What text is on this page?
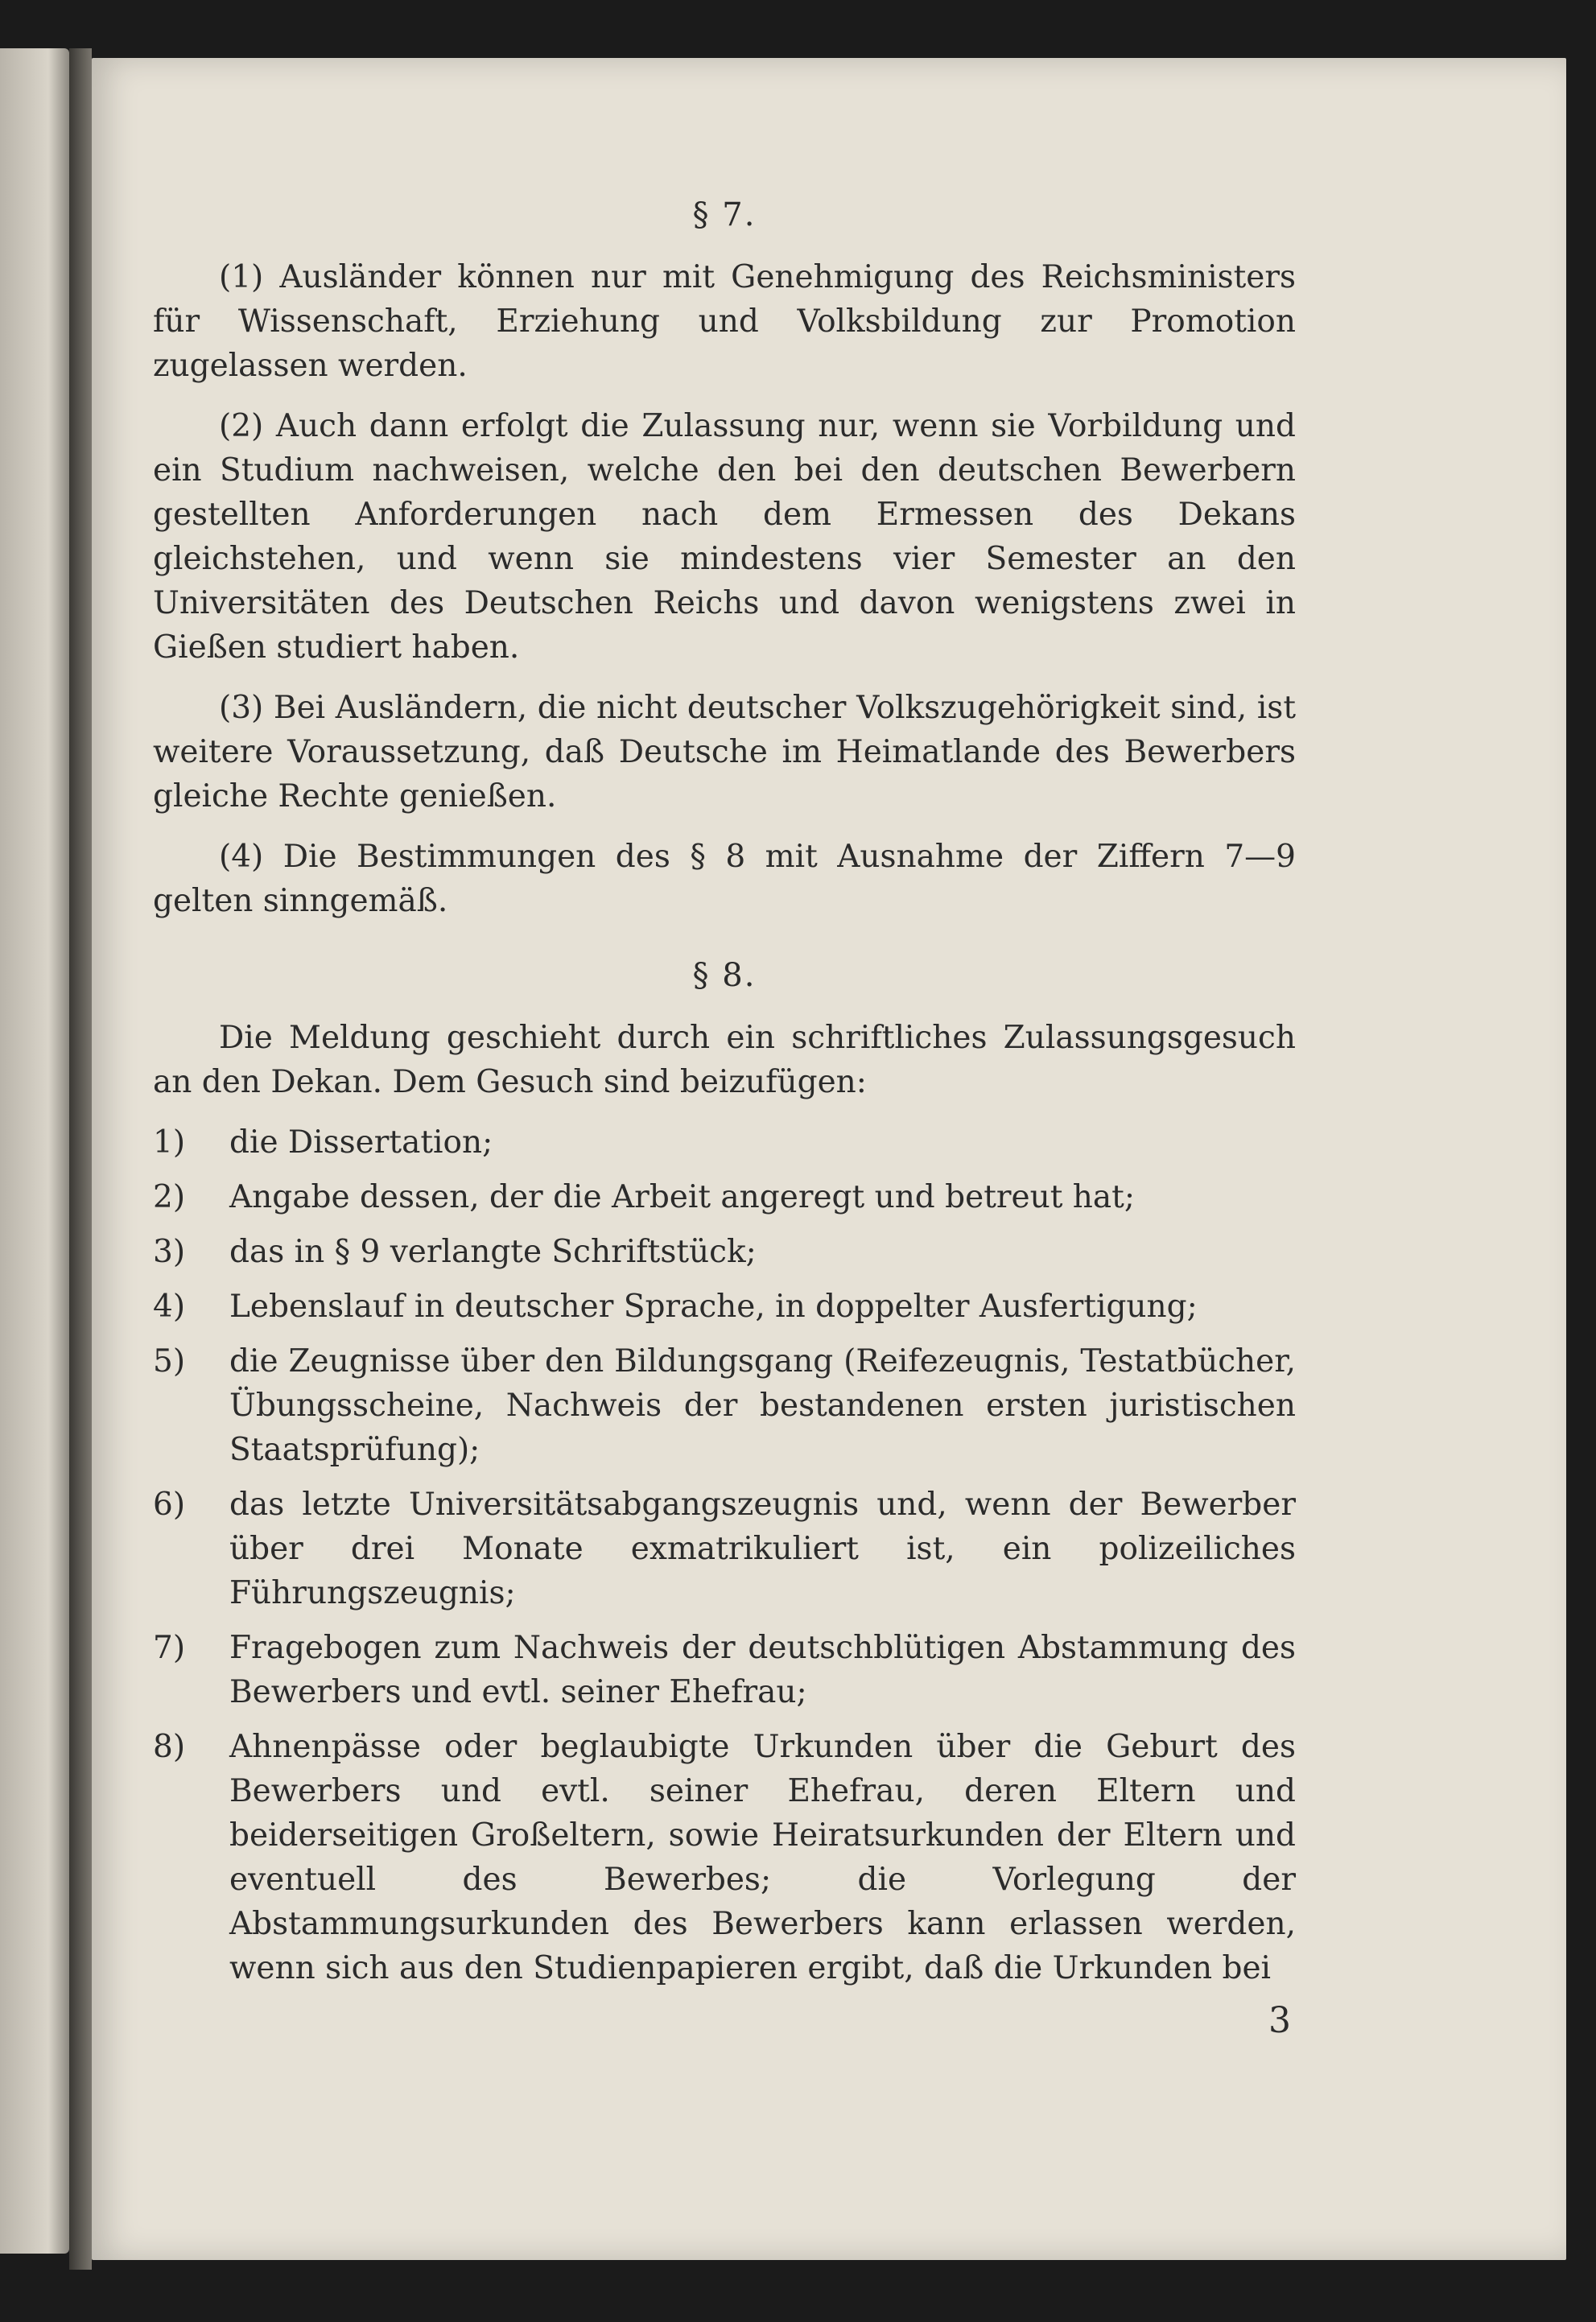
§ 7.

(1) Ausländer können nur mit Genehmigung des Reichsministers für Wissenschaft, Erziehung und Volksbildung zur Promotion zugelassen werden.

(2) Auch dann erfolgt die Zulassung nur, wenn sie Vorbildung und ein Studium nachweisen, welche den bei den deutschen Bewerbern gestellten Anforderungen nach dem Ermessen des Dekans gleichstehen, und wenn sie mindestens vier Semester an den Universitäten des Deutschen Reichs und davon wenigstens zwei in Gießen studiert haben.

(3) Bei Ausländern, die nicht deutscher Volkszugehörigkeit sind, ist weitere Voraussetzung, daß Deutsche im Heimatlande des Bewerbers gleiche Rechte genießen.

(4) Die Bestimmungen des § 8 mit Ausnahme der Ziffern 7—9 gelten sinngemäß.

§ 8.

Die Meldung geschieht durch ein schriftliches Zulassungsgesuch an den Dekan. Dem Gesuch sind beizufügen:

1) die Dissertation;
2) Angabe dessen, der die Arbeit angeregt und betreut hat;
3) das in § 9 verlangte Schriftstück;
4) Lebenslauf in deutscher Sprache, in doppelter Ausfertigung;
5) die Zeugnisse über den Bildungsgang (Reifezeugnis, Testatbücher, Übungsscheine, Nachweis der bestandenen ersten juristischen Staatsprüfung);
6) das letzte Universitätsabgangszeugnis und, wenn der Bewerber über drei Monate exmatrikuliert ist, ein polizeiliches Führungszeugnis;
7) Fragebogen zum Nachweis der deutschblütigen Abstammung des Bewerbers und evtl. seiner Ehefrau;
8) Ahnenpässe oder beglaubigte Urkunden über die Geburt des Bewerbers und evtl. seiner Ehefrau, deren Eltern und beiderseitigen Großeltern, sowie Heiratsurkunden der Eltern und eventuell des Bewerbes; die Vorlegung der Abstammungsurkunden des Bewerbers kann erlassen werden, wenn sich aus den Studienpapieren ergibt, daß die Urkunden bei
3
